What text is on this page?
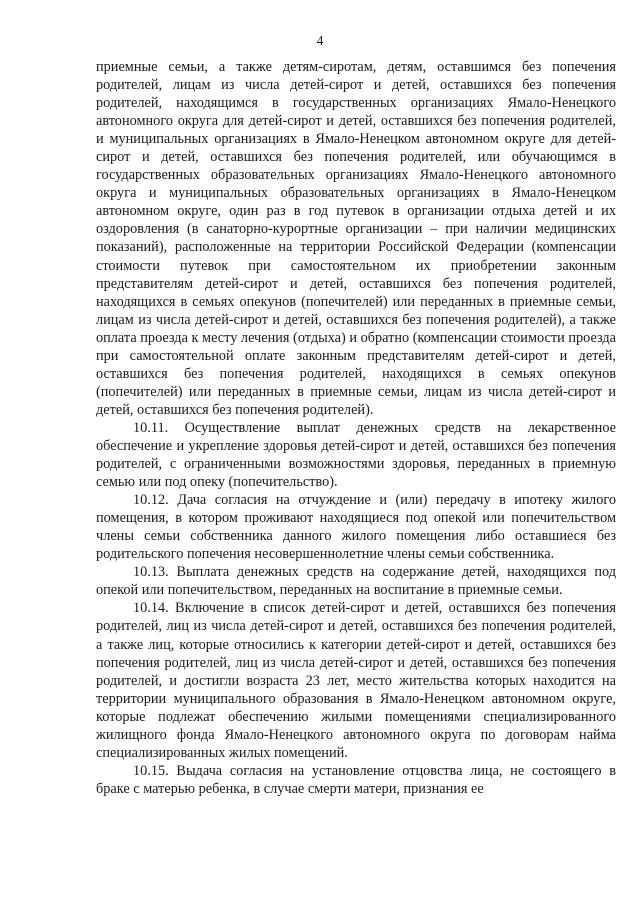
4

приемные семьи, а также детям-сиротам, детям, оставшимся без попечения родителей, лицам из числа детей-сирот и детей, оставшихся без попечения родителей, находящимся в государственных организациях Ямало-Ненецкого автономного округа для детей-сирот и детей, оставшихся без попечения родителей, и муниципальных организациях в Ямало-Ненецком автономном округе для детей-сирот и детей, оставшихся без попечения родителей, или обучающимся в государственных образовательных организациях Ямало-Ненецкого автономного округа и муниципальных образовательных организациях в Ямало-Ненецком автономном округе, один раз в год путевок в организации отдыха детей и их оздоровления (в санаторно-курортные организации – при наличии медицинских показаний), расположенные на территории Российской Федерации (компенсации стоимости путевок при самостоятельном их приобретении законным представителям детей-сирот и детей, оставшихся без попечения родителей, находящихся в семьях опекунов (попечителей) или переданных в приемные семьи, лицам из числа детей-сирот и детей, оставшихся без попечения родителей), а также оплата проезда к месту лечения (отдыха) и обратно (компенсации стоимости проезда при самостоятельной оплате законным представителям детей-сирот и детей, оставшихся без попечения родителей, находящихся в семьях опекунов (попечителей) или переданных в приемные семьи, лицам из числа детей-сирот и детей, оставшихся без попечения родителей).

10.11. Осуществление выплат денежных средств на лекарственное обеспечение и укрепление здоровья детей-сирот и детей, оставшихся без попечения родителей, с ограниченными возможностями здоровья, переданных в приемную семью или под опеку (попечительство).

10.12. Дача согласия на отчуждение и (или) передачу в ипотеку жилого помещения, в котором проживают находящиеся под опекой или попечительством члены семьи собственника данного жилого помещения либо оставшиеся без родительского попечения несовершеннолетние члены семьи собственника.

10.13. Выплата денежных средств на содержание детей, находящихся под опекой или попечительством, переданных на воспитание в приемные семьи.

10.14. Включение в список детей-сирот и детей, оставшихся без попечения родителей, лиц из числа детей-сирот и детей, оставшихся без попечения родителей, а также лиц, которые относились к категории детей-сирот и детей, оставшихся без попечения родителей, лиц из числа детей-сирот и детей, оставшихся без попечения родителей, и достигли возраста 23 лет, место жительства которых находится на территории муниципального образования в Ямало-Ненецком автономном округе, которые подлежат обеспечению жилыми помещениями специализированного жилищного фонда Ямало-Ненецкого автономного округа по договорам найма специализированных жилых помещений.

10.15. Выдача согласия на установление отцовства лица, не состоящего в браке с матерью ребенка, в случае смерти матери, признания ее
